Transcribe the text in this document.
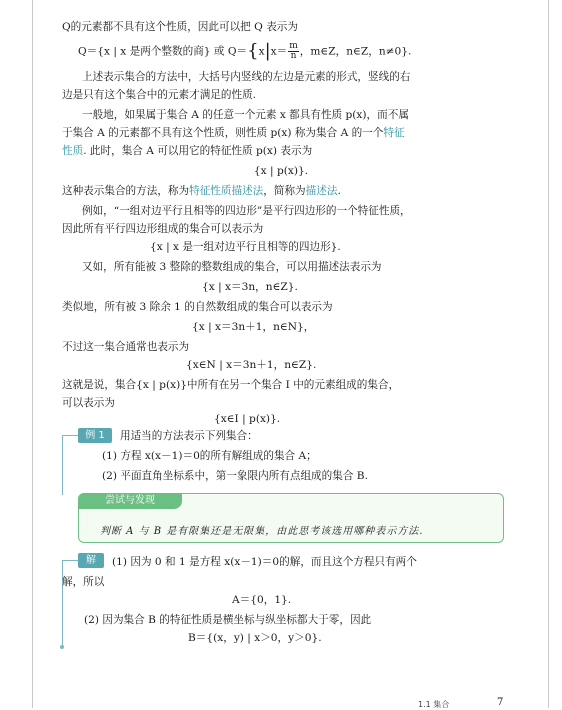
Q的元素都不具有这个性质，因此可以把 Q 表示为
Q＝{x | x 是两个整数的商} 或 $Q=\{x|x= \frac{m}{n}$ ，m∈Z，n∈Z，n≠0}.
上述表示集合的方法中，大括号内竖线的左边是元素的形式，竖线的右
边是只有这个集合中的元素才满足的性质.
一般地，如果属于集合 A 的任意一个元素 x 都具有性质 p(x)，而不属
于集合 A 的元素都不具有这个性质，则性质 p(x) 称为集合 A 的一个特征
性质. 此时，集合 A 可以用它的特征性质 p(x) 表示为
{x | p(x)}.
这种表示集合的方法，称为特征性质描述法，简称为描述法.
例如，“一组对边平行且相等的四边形”是平行四边形的一个特征性质，
因此所有平行四边形组成的集合可以表示为
{x | x 是一组对边平行且相等的四边形}.
又如，所有能被 3 整除的整数组成的集合，可以用描述法表示为
{x | x＝3n，n∈Z}.
类似地，所有被 3 除余 1 的自然数组成的集合可以表示为
{x | x＝3n＋1，n∈N}，
不过这一集合通常也表示为
{x∈N | x＝3n＋1，n∈Z}.
这就是说，集合{x | p(x)}中所有在另一个集合 I 中的元素组成的集合，
可以表示为
{x∈I | p(x)}.
例 1	用适当的方法表示下列集合：
(1) 方程 x(x－1)＝0的所有解组成的集合 A；
(2) 平面直角坐标系中，第一象限内所有点组成的集合 B.
尝试与发现
判断 A 与 B 是有限集还是无限集，由此思考该选用哪种表示方法.
解	(1) 因为 0 和 1 是方程 x(x－1)＝0的解，而且这个方程只有两个
解，所以
A＝{0，1}.
(2) 因为集合 B 的特征性质是横坐标与纵坐标都大于零，因此
B＝{(x，y) | x＞0，y＞0}.
1.1 集合	7
